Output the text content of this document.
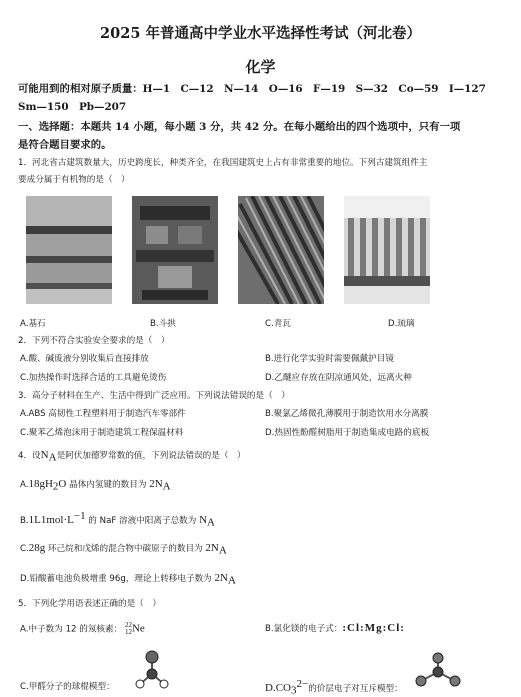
2025 年普通高中学业水平选择性考试（河北卷）
化学
可能用到的相对原子质量：H—1　C—12　N—14　O—16　F—19　S—32　Co—59　I—127
Sm—150　Pb—207
一、选择题：本题共 14 小题，每小题 3 分，共 42 分。在每小题给出的四个选项中，只有一项
是符合题目要求的。
1．河北省古建筑数量大，历史跨度长，种类齐全，在我国建筑史上占有非常重要的地位。下列古建筑组件主
要成分属于有机物的是（　）
A.基石	B.斗拱	C.青瓦	D.琉璃
2．下列不符合实验安全要求的是（　）
A.酸、碱废液分别收集后直接排放	B.进行化学实验时需要佩戴护目镜
C.加热操作时选择合适的工具避免烫伤	D.乙醚应存放在阴凉通风处，远离火种
3．高分子材料在生产、生活中得到广泛应用。下列说法错误的是（　）
A.ABS 高韧性工程塑料用于制造汽车零部件	B.聚氯乙烯微孔薄膜用于制造饮用水分离膜
C.聚苯乙烯泡沫用于制造建筑工程保温材料	D.热固性酚醛树脂用于制造集成电路的底板
4．设$N_A$是阿伏加德罗常数的值，下列说法错误的是（　）
$A.18gH_2O$ 晶体内氢键的数目为 $2N_A$
$B.1L1mol\cdot L^{-1}$ 的 NaF 溶液中阳离子总数为 $N_A$
C.28g 环己烷和戊烯的混合物中碳原子的数目为 $2N_A$
D.铅酸蓄电池负极增重 96g，理论上转移电子数为 $2N_A$
5．下列化学用语表述正确的是（　）
A.中子数为 12 的氖核素： 22
12Ne	B.氯化镁的电子式：:Cl:Mg:Cl:
C.甲醛分子的球棍模型：	$D.CO_3^{2-}$的价层电子对互斥模型：
